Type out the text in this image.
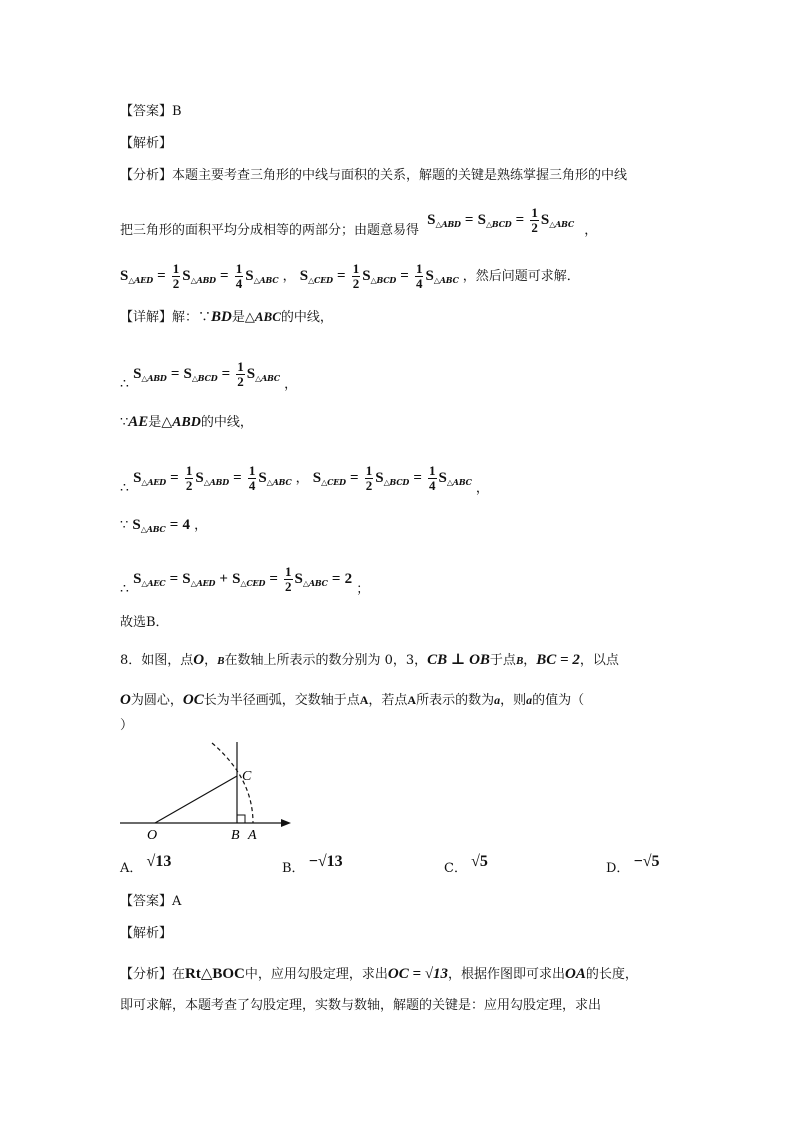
【答案】B
【解析】
【分析】本题主要考查三角形的中线与面积的关系，解题的关键是熟练掌握三角形的中线
把三角形的面积平均分成相等的两部分；由题意易得 $S_{\triangle ABD} = S_{\triangle BCD} = \frac{1}{2} S_{\triangle ABC}$ ，
$S_{\triangle AED} = \frac{1}{2} S_{\triangle ABD} = \frac{1}{4} S_{\triangle ABC}$ ， $S_{\triangle CED} = \frac{1}{2} S_{\triangle BCD} = \frac{1}{4} S_{\triangle ABC}$ ，然后问题可求解．
【详解】解：∵BD是△ABC的中线，
∴ $S_{\triangle ABD} = S_{\triangle BCD} = \frac{1}{2} S_{\triangle ABC}$ ，
∵AE是△ABD的中线，
∴ $S_{\triangle AED} = \frac{1}{2} S_{\triangle ABD} = \frac{1}{4} S_{\triangle ABC}$ ， $S_{\triangle CED} = \frac{1}{2} S_{\triangle BCD} = \frac{1}{4} S_{\triangle ABC}$ ，
∵ $S_{\triangle ABC} = 4$ ，
∴ $S_{\triangle AEC} = S_{\triangle AED} + S_{\triangle CED} = \frac{1}{2} S_{\triangle ABC} = 2$ ；
故选B．
8．如图，点O，B在数轴上所表示的数分别为 0，3，CB ⊥ OB于点B，BC = 2，以点
O为圆心，OC长为半径画弧，交数轴于点A，若点A所表示的数为a，则a的值为（
）
C
O	B A
A． √13	B． −√13	C． √5	D． −√5
【答案】A
【解析】
【分析】在Rt△BOC中，应用勾股定理，求出OC = √13，根据作图即可求出OA的长度，
即可求解，本题考查了勾股定理，实数与数轴，解题的关键是：应用勾股定理，求出
